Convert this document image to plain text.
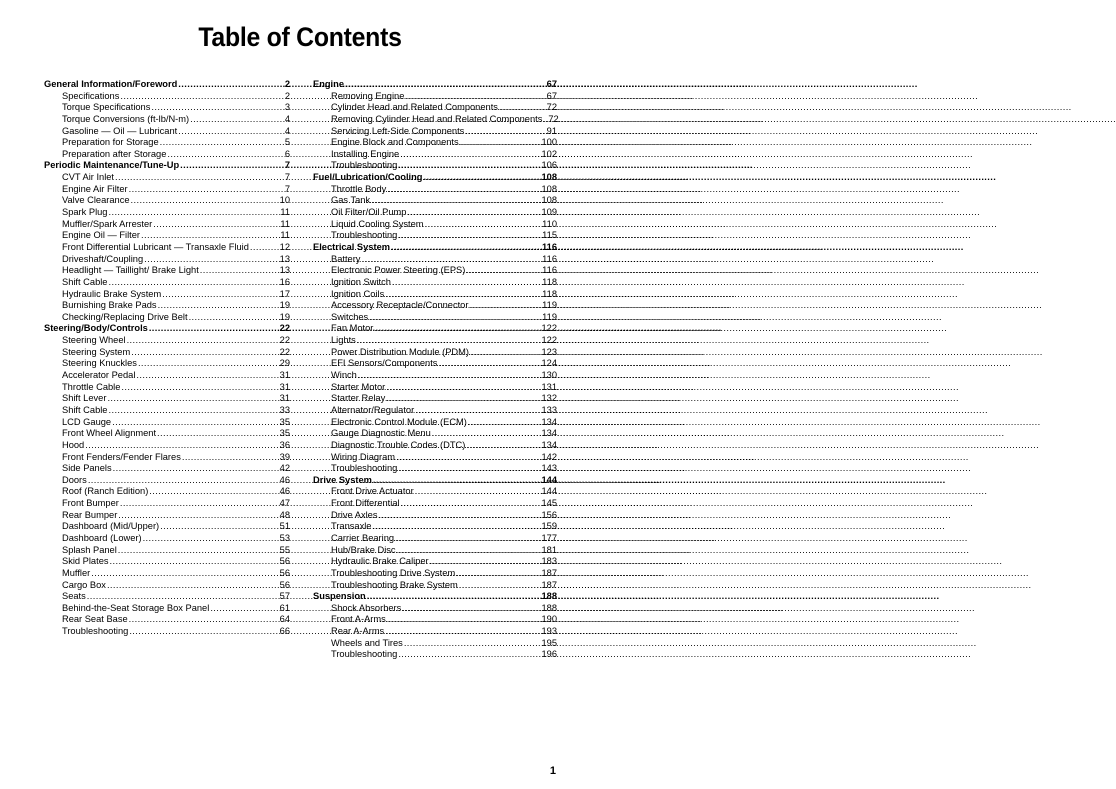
Table of Contents
General Information/Foreword .....	2
Specifications .....	2
Torque Specifications .....	3
Torque Conversions (ft-lb/N-m) .....	4
Gasoline — Oil — Lubricant .....	4
Preparation for Storage .....	5
Preparation after Storage .....	6
Periodic Maintenance/Tune-Up .....	7
CVT Air Inlet .....	7
Engine Air Filter .....	7
Valve Clearance .....	10
Spark Plug .....	11
Muffler/Spark Arrester .....	11
Engine Oil — Filter .....	11
Front Differential Lubricant — Transaxle Fluid .....	12
Driveshaft/Coupling .....	13
Headlight — Taillight/ Brake Light .....	13
Shift Cable .....	16
Hydraulic Brake System .....	17
Burnishing Brake Pads .....	19
Checking/Replacing Drive Belt .....	19
Steering/Body/Controls .....	22
Steering Wheel .....	22
Steering System .....	22
Steering Knuckles .....	29
Accelerator Pedal .....	31
Throttle Cable .....	31
Shift Lever .....	31
Shift Cable .....	33
LCD Gauge .....	35
Front Wheel Alignment .....	35
Hood .....	36
Front Fenders/Fender Flares .....	39
Side Panels .....	42
Doors .....	46
Roof (Ranch Edition) .....	46
Front Bumper .....	47
Rear Bumper .....	48
Dashboard (Mid/Upper) .....	51
Dashboard (Lower) .....	53
Splash Panel .....	55
Skid Plates .....	56
Muffler .....	56
Cargo Box .....	56
Seats .....	57
Behind-the-Seat Storage Box Panel .....	61
Rear Seat Base .....	64
Troubleshooting .....	66
Engine .....	67
Removing Engine .....	67
Cylinder Head and Related Components .....	72
Removing Cylinder Head and Related Components ..... 72
Servicing Left-Side Components .....	91
Engine Block and Components .....	100
Installing Engine .....	102
Troubleshooting .....	106
Fuel/Lubrication/Cooling .....	108
Throttle Body .....	108
Gas Tank .....	108
Oil Filter/Oil Pump .....	109
Liquid Cooling System .....	110
Troubleshooting .....	115
Electrical System .....	116
Battery .....	116
Electronic Power Steering (EPS) .....	116
Ignition Switch .....	118
Ignition Coils .....	118
Accessory Receptacle/Connector .....	119
Switches .....	119
Fan Motor .....	122
Lights .....	122
Power Distribution Module (PDM) .....	123
EFI Sensors/Components .....	124
Winch .....	130
Starter Motor .....	131
Starter Relay .....	132
Alternator/Regulator .....	133
Electronic Control Module (ECM) .....	134
Gauge Diagnostic Menu .....	134
Diagnostic Trouble Codes (DTC) .....	134
Wiring Diagram .....	142
Troubleshooting .....	143
Drive System .....	144
Front Drive Actuator .....	144
Front Differential .....	145
Drive Axles .....	156
Transaxle .....	159
Carrier Bearing .....	177
Hub/Brake Disc .....	181
Hydraulic Brake Caliper .....	183
Troubleshooting Drive System .....	187
Troubleshooting Brake System .....	187
Suspension .....	188
Shock Absorbers .....	188
Front A-Arms .....	190
Rear A-Arms .....	193
Wheels and Tires .....	195
Troubleshooting .....	196
1
